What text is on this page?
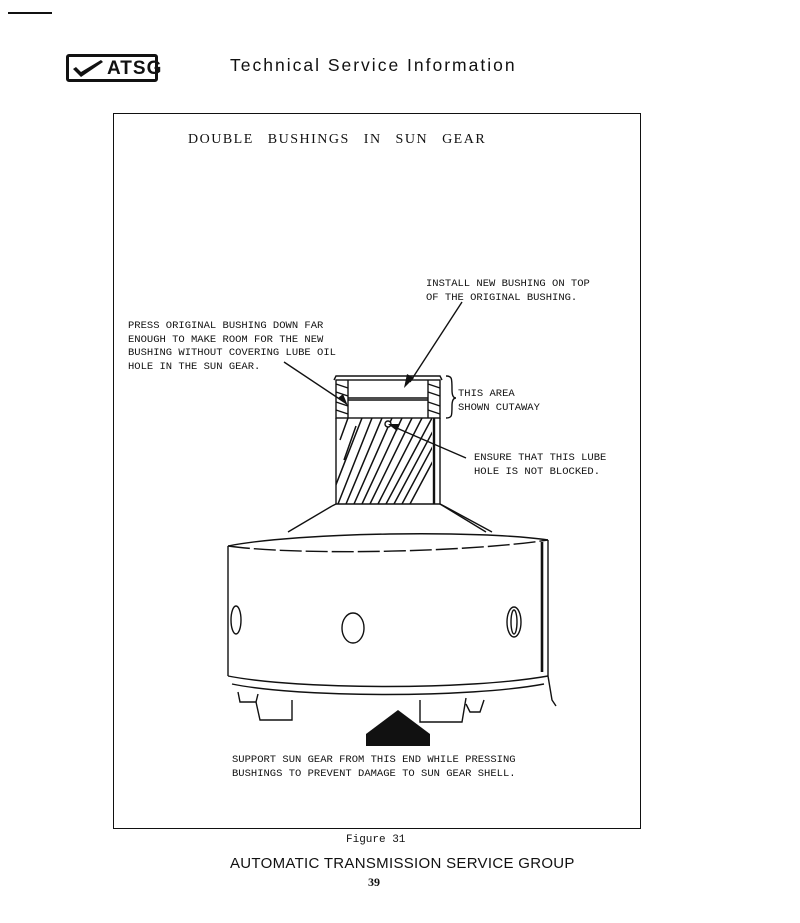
ATSG	Technical Service Information
DOUBLE BUSHINGS IN SUN GEAR
INSTALL NEW BUSHING ON TOP
OF THE ORIGINAL BUSHING.
PRESS ORIGINAL BUSHING DOWN FAR
ENOUGH TO MAKE ROOM FOR THE NEW
BUSHING WITHOUT COVERING LUBE OIL
HOLE IN THE SUN GEAR.
THIS AREA
SHOWN CUTAWAY
ENSURE THAT THIS LUBE
HOLE IS NOT BLOCKED.
SUPPORT SUN GEAR FROM THIS END WHILE PRESSING
BUSHINGS TO PREVENT DAMAGE TO SUN GEAR SHELL.
Figure 31
AUTOMATIC TRANSMISSION SERVICE GROUP
39
